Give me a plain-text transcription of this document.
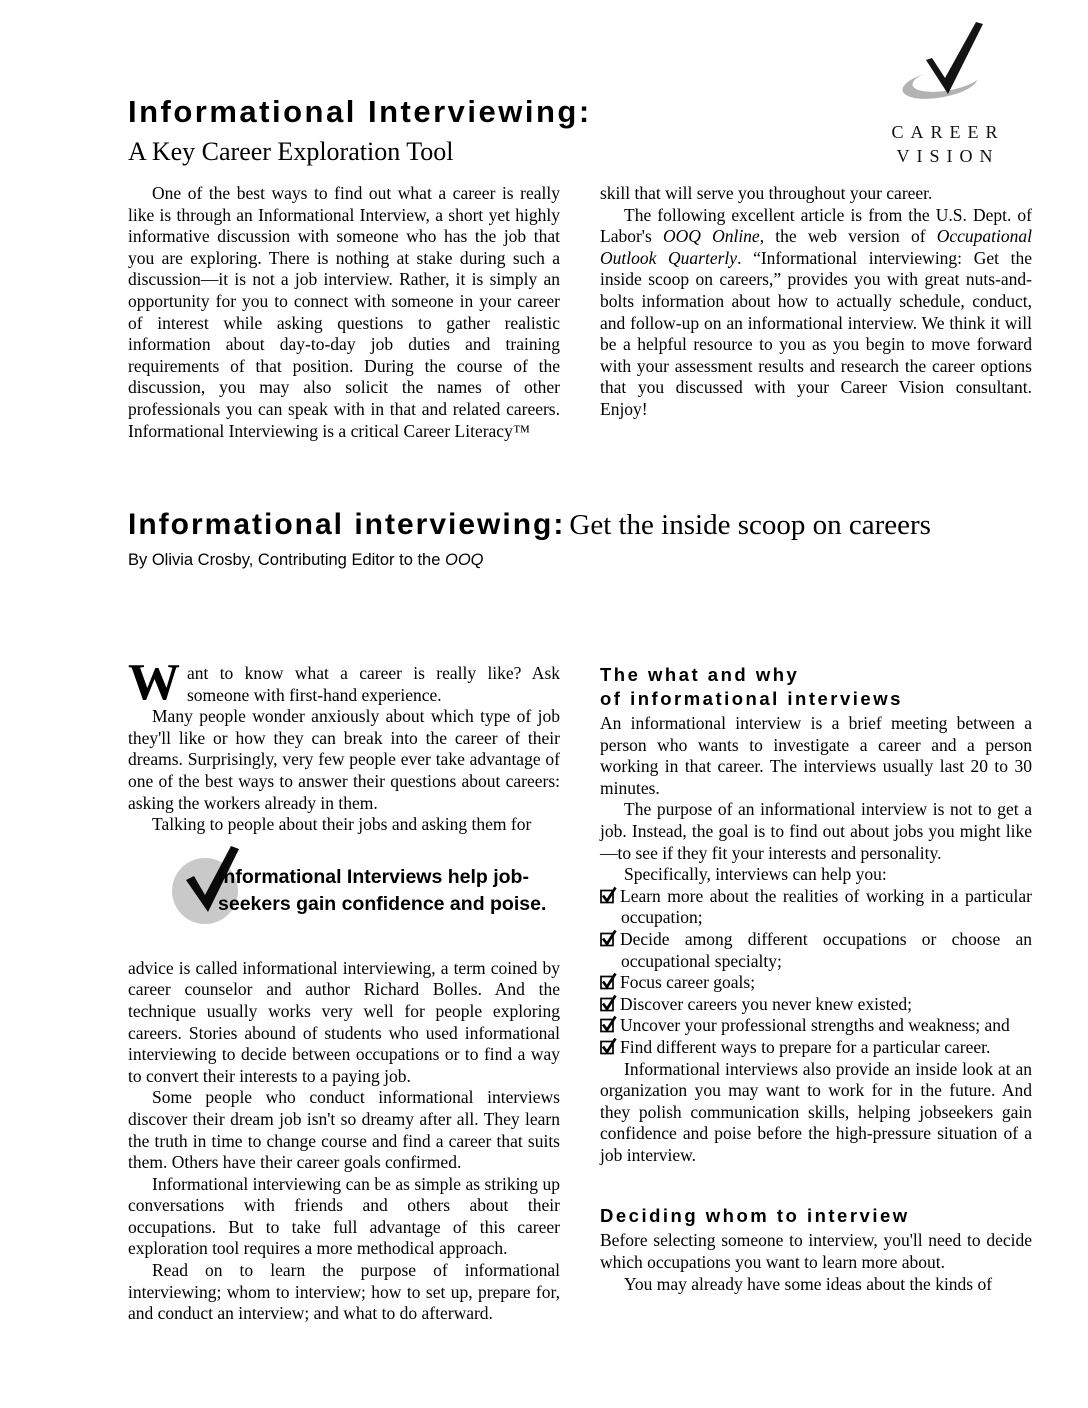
Informational Interviewing:
A Key Career Exploration Tool
CAREER
VISION

One of the best ways to find out what a career is really like is through an Informational Interview, a short yet highly informative discussion with someone who has the job that you are exploring. There is nothing at stake during such a discussion—it is not a job interview. Rather, it is simply an opportunity for you to connect with someone in your career of interest while asking questions to gather realistic information about day-to-day job duties and training requirements of that position. During the course of the discussion, you may also solicit the names of other professionals you can speak with in that and related careers. Informational Interviewing is a critical Career Literacy™

skill that will serve you throughout your career.

The following excellent article is from the U.S. Dept. of Labor's OOQ Online, the web version of Occupational Outlook Quarterly. “Informational interviewing: Get the inside scoop on careers,” provides you with great nuts-and-bolts information about how to actually schedule, conduct, and follow-up on an informational interview. We think it will be a helpful resource to you as you begin to move forward with your assessment results and research the career options that you discussed with your Career Vision consultant. Enjoy!

Informational interviewing: Get the inside scoop on careers
By Olivia Crosby, Contributing Editor to the OOQ

Want to know what a career is really like? Ask someone with first-hand experience.

Many people wonder anxiously about which type of job they'll like or how they can break into the career of their dreams. Surprisingly, very few people ever take advantage of one of the best ways to answer their questions about careers: asking the workers already in them.

Talking to people about their jobs and asking them for

Informational Interviews help job-
seekers gain confidence and poise.

advice is called informational interviewing, a term coined by career counselor and author Richard Bolles. And the technique usually works very well for people exploring careers. Stories abound of students who used informational interviewing to decide between occupations or to find a way to convert their interests to a paying job.

Some people who conduct informational interviews discover their dream job isn't so dreamy after all. They learn the truth in time to change course and find a career that suits them. Others have their career goals confirmed.

Informational interviewing can be as simple as striking up conversations with friends and others about their occupations. But to take full advantage of this career exploration tool requires a more methodical approach.

Read on to learn the purpose of informational interviewing; whom to interview; how to set up, prepare for, and conduct an interview; and what to do afterward.

The what and why
of informational interviews

An informational interview is a brief meeting between a person who wants to investigate a career and a person working in that career. The interviews usually last 20 to 30 minutes.

The purpose of an informational interview is not to get a job. Instead, the goal is to find out about jobs you might like—to see if they fit your interests and personality.

Specifically, interviews can help you:

Learn more about the realities of working in a particular occupation;
Decide among different occupations or choose an occupational specialty;
Focus career goals;
Discover careers you never knew existed;
Uncover your professional strengths and weakness; and
Find different ways to prepare for a particular career.

Informational interviews also provide an inside look at an organization you may want to work for in the future. And they polish communication skills, helping jobseekers gain confidence and poise before the high-pressure situation of a job interview.

Deciding whom to interview

Before selecting someone to interview, you'll need to decide which occupations you want to learn more about.

You may already have some ideas about the kinds of
